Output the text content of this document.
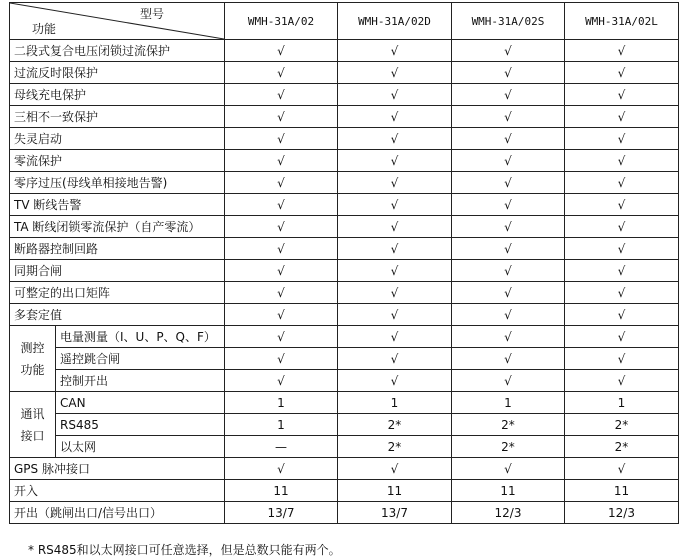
型号
功能		WMH-31A/02	WMH-31A/02D	WMH-31A/02S	WMH-31A/02L
二段式复合电压闭锁过流保护		√	√	√	√
过流反时限保护		√	√	√	√
母线充电保护		√	√	√	√
三相不一致保护		√	√	√	√
失灵启动		√	√	√	√
零流保护		√	√	√	√
零序过压(母线单相接地告警)		√	√	√	√
TV 断线告警		√	√	√	√
TA 断线闭锁零流保护（自产零流）		√	√	√	√
断路器控制回路		√	√	√	√
同期合闸		√	√	√	√
可整定的出口矩阵		√	√	√	√
多套定值		√	√	√	√

测控
功能	电量测量（I、U、P、Q、F）	√	√	√	√
	遥控跳合闸	√	√	√	√
	控制开出	√	√	√	√

通讯
接口	CAN	1	1	1	1
	RS485	1	2*	2*	2*
	以太网	—	2*	2*	2*
GPS 脉冲接口		√	√	√	√
开入		11	11	11	11
开出（跳闸出口/信号出口）		13/7	13/7	12/3	12/3
* RS485和以太网接口可任意选择，但是总数只能有两个。
